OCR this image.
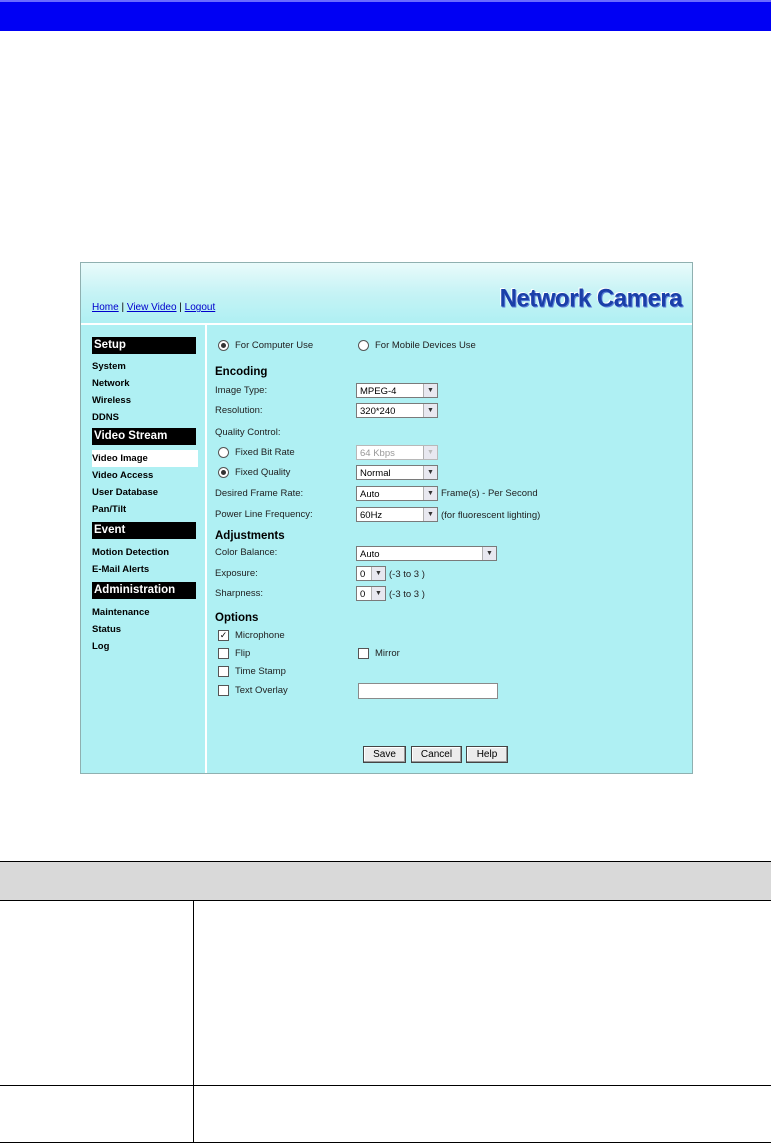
Home | View Video | Logout	Network Camera
Setup
System
Network
Wireless
DDNS
Video Stream
Video Image
Video Access
User Database
Pan/Tilt
Event
Motion Detection
E-Mail Alerts
Administration
Maintenance
Status
Log
For Computer Use	For Mobile Devices Use
Encoding
Image Type:	MPEG-4	▼
Resolution:	320*240	▼
Quality Control:
Fixed Bit Rate	64 Kbps	▼
Fixed Quality	Normal	▼
Desired Frame Rate:	Auto	▼ Frame(s) - Per Second
Power Line Frequency:	60Hz	▼ (for fluorescent lighting)
Adjustments
Color Balance:	Auto	▼
Exposure:	0	▼ (-3 to 3 )
Sharpness:	0	▼ (-3 to 3 )
Options
✓ Microphone
Flip	Mirror
Time Stamp
Text Overlay
Save	Cancel	Help
